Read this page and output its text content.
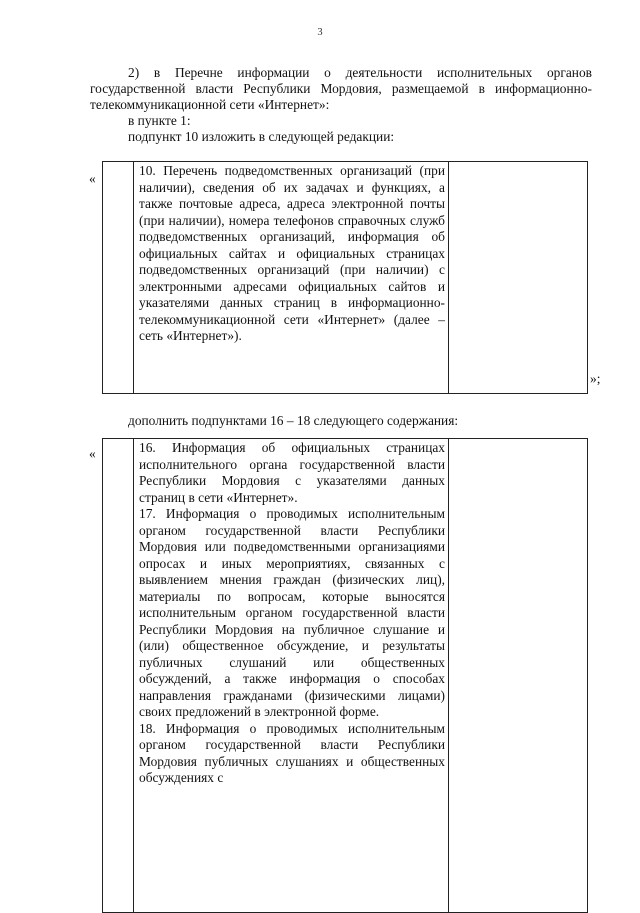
3

2) в Перечне информации о деятельности исполнительных органов государственной власти Республики Мордовия, размещаемой в информационно-телекоммуникационной сети «Интернет»:

в пункте 1:

подпункт 10 изложить в следующей редакции:

«

10. Перечень подведомственных организаций (при наличии), сведения об их задачах и функциях, а также почтовые адреса, адреса электронной почты (при наличии), номера телефонов справочных служб подведомственных организаций, информация об официальных сайтах и официальных страницах подведомственных организаций (при наличии) с электронными адресами официальных сайтов и указателями данных страниц в информационно-телекоммуникационной сети «Интернет» (далее – сеть «Интернет»).

»;
дополнить подпунктами 16 – 18 следующего содержания:
«
		16. Информация об официальных страницах исполнительного органа государственной власти Республики Мордовия с указателями данных страниц в сети «Интернет».

17. Информация о проводимых исполнительным органом государственной власти Республики Мордовия или подведомственными организациями опросах и иных мероприятиях, связанных с выявлением мнения граждан (физических лиц), материалы по вопросам, которые выносятся исполнительным органом государственной власти Республики Мордовия на публичное слушание и (или) общественное обсуждение, и результаты публичных слушаний или общественных обсуждений, а также информация о способах направления гражданами (физическими лицами) своих предложений в электронной форме.

18. Информация о проводимых исполнительным органом государственной власти Республики Мордовия публичных слушаниях и общественных обсуждениях с
